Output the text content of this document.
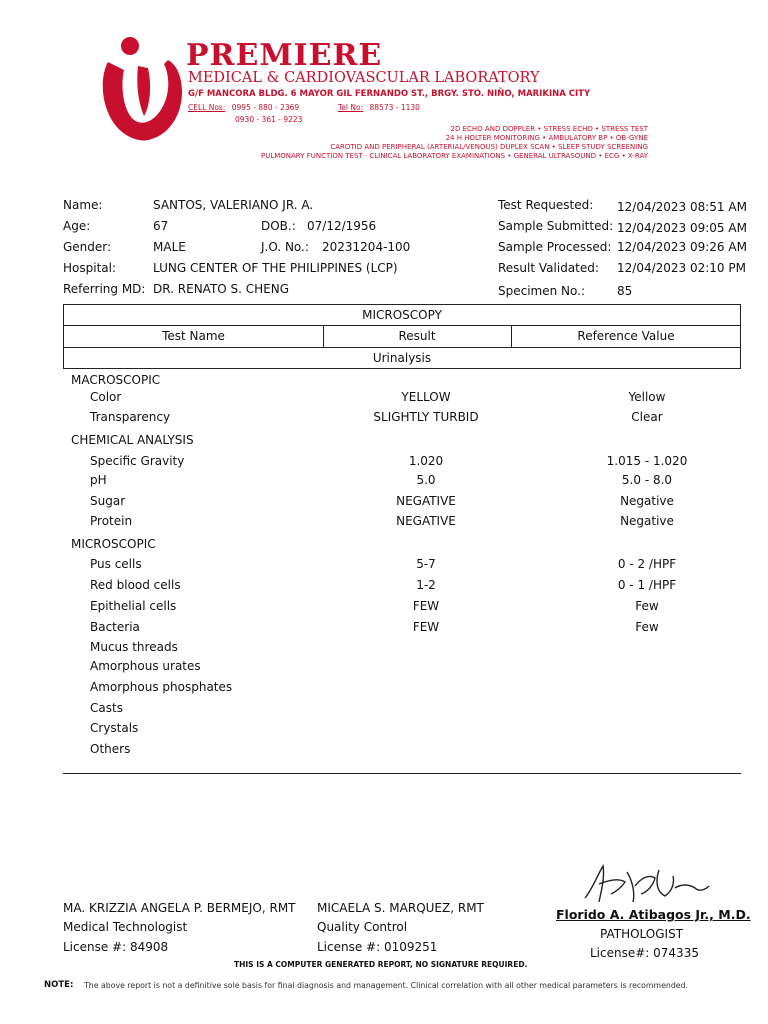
PREMIERE
MEDICAL & CARDIOVASCULAR LABORATORY
G/F MANCORA BLDG. 6 MAYOR GIL FERNANDO ST., BRGY. STO. NIÑO, MARIKINA CITY
CELL Nos: 0995 - 880 - 2369	Tel No: 88573 - 1130
0930 - 361 - 9223
2D ECHO AND DOPPLER • STRESS ECHO • STRESS TEST
24 H HOLTER MONITORING • AMBULATORY BP • OB-GYNE
CAROTID AND PERIPHERAL (ARTERIAL/VENOUS) DUPLEX SCAN • SLEEP STUDY SCREENING
PULMONARY FUNCTION TEST · CLINICAL LABORATORY EXAMINATIONS • GENERAL ULTRASOUND • ECG • X-RAY
Name:	SANTOS, VALERIANO JR. A.
Age:	67	DOB.: 07/12/1956
Gender:	MALE	J.O. No.: 20231204-100
Hospital:	LUNG CENTER OF THE PHILIPPINES (LCP)
Referring MD: DR. RENATO S. CHENG
Test Requested: 12/04/2023 08:51 AM
Sample Submitted: 12/04/2023 09:05 AM
Sample Processed: 12/04/2023 09:26 AM
Result Validated: 12/04/2023 02:10 PM
Specimen No.:	85
MICROSCOPY
Test Name	Result	Reference Value
Urinalysis
MACROSCOPIC
Color	YELLOW	Yellow
Transparency	SLIGHTLY TURBID	Clear
CHEMICAL ANALYSIS
Specific Gravity	1.020	1.015 - 1.020
pH	5.0	5.0 - 8.0
Sugar	NEGATIVE	Negative
Protein	NEGATIVE	Negative
MICROSCOPIC
Pus cells	5-7	0 - 2 /HPF
Red blood cells	1-2	0 - 1 /HPF
Epithelial cells	FEW	Few
Bacteria	FEW	Few
Mucus threads
Amorphous urates
Amorphous phosphates
Casts
Crystals
Others
MA. KRIZZIA ANGELA P. BERMEJO, RMT
Medical Technologist
License #: 84908
MICAELA S. MARQUEZ, RMT
Quality Control
License #: 0109251
Florido A. Atibagos Jr., M.D.
PATHOLOGIST
License#: 074335
THIS IS A COMPUTER GENERATED REPORT, NO SIGNATURE REQUIRED.
NOTE: The above report is not a definitive sole basis for final diagnosis and management. Clinical correlation with all other medical parameters is recommended.
